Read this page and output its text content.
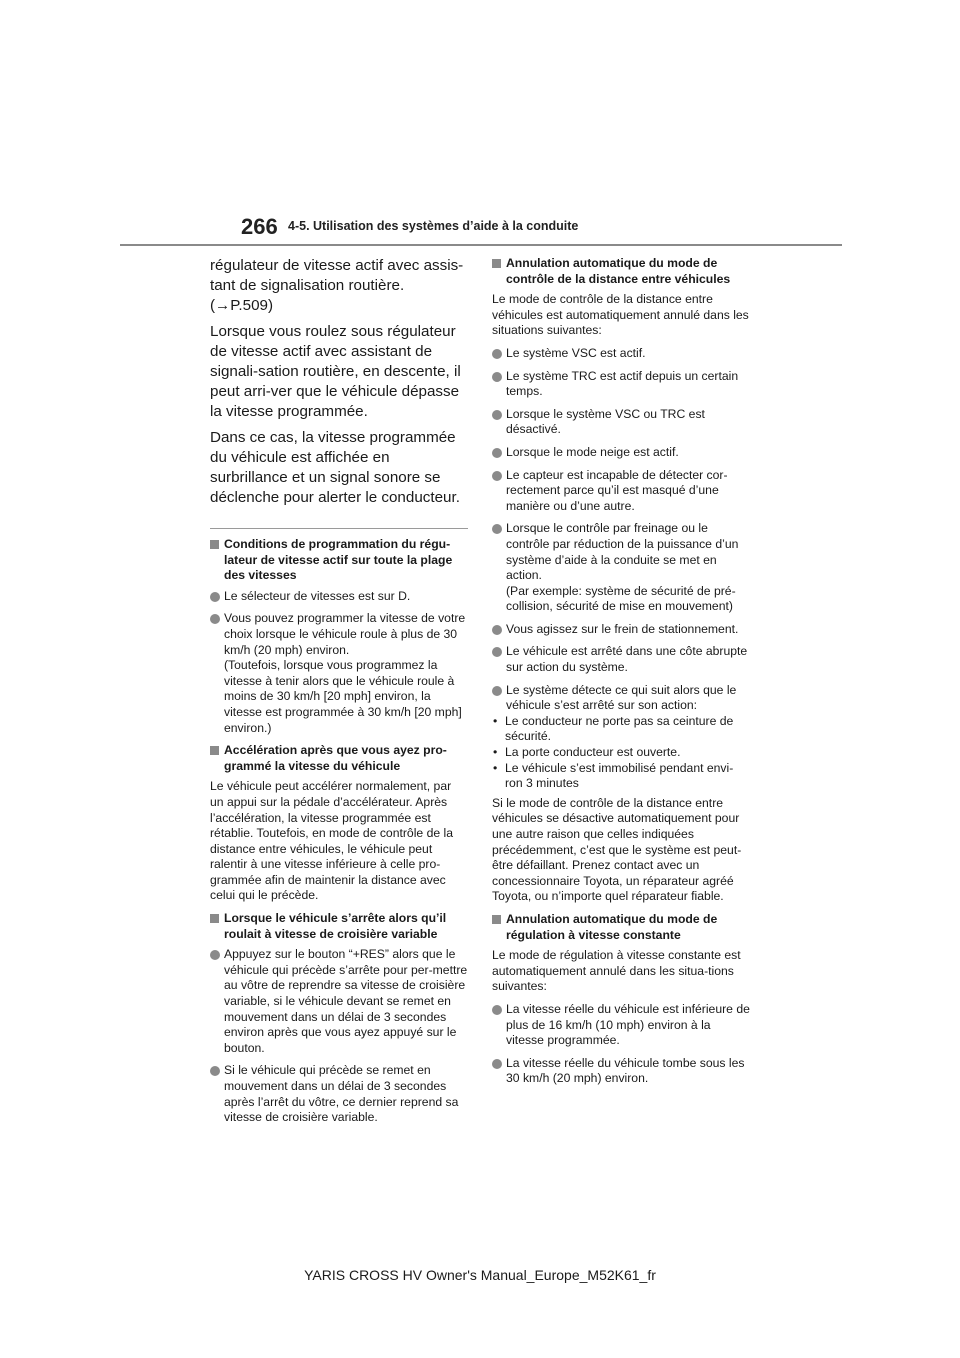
266 4-5. Utilisation des systèmes d’aide à la conduite

régulateur de vitesse actif avec assis-tant de signalisation routière. (→P.509)

Lorsque vous roulez sous régulateur de vitesse actif avec assistant de signali-sation routière, en descente, il peut arri-ver que le véhicule dépasse la vitesse programmée.

Dans ce cas, la vitesse programmée du véhicule est affichée en surbrillance et un signal sonore se déclenche pour alerter le conducteur.

Conditions de programmation du régu-lateur de vitesse actif sur toute la plage des vitesses
Le sélecteur de vitesses est sur D.
Vous pouvez programmer la vitesse de votre choix lorsque le véhicule roule à plus de 30 km/h (20 mph) environ.
(Toutefois, lorsque vous programmez la vitesse à tenir alors que le véhicule roule à moins de 30 km/h [20 mph] environ, la vitesse est programmée à 30 km/h [20 mph] environ.)
Accélération après que vous ayez pro-grammé la vitesse du véhicule
Le véhicule peut accélérer normalement, par un appui sur la pédale d’accélérateur. Après l’accélération, la vitesse programmée est rétablie. Toutefois, en mode de contrôle de la distance entre véhicules, le véhicule peut ralentir à une vitesse inférieure à celle pro-grammée afin de maintenir la distance avec celui qui le précède.
Lorsque le véhicule s’arrête alors qu’il roulait à vitesse de croisière variable
Appuyez sur le bouton “+RES” alors que le véhicule qui précède s’arrête pour per-mettre au vôtre de reprendre sa vitesse de croisière variable, si le véhicule devant se remet en mouvement dans un délai de 3 secondes environ après que vous ayez appuyé sur le bouton.
Si le véhicule qui précède se remet en mouvement dans un délai de 3 secondes après l’arrêt du vôtre, ce dernier reprend sa vitesse de croisière variable.
Annulation automatique du mode de contrôle de la distance entre véhicules
Le mode de contrôle de la distance entre véhicules est automatiquement annulé dans les situations suivantes:
Le système VSC est actif.
Le système TRC est actif depuis un certain temps.
Lorsque le système VSC ou TRC est désactivé.
Lorsque le mode neige est actif.
Le capteur est incapable de détecter cor-rectement parce qu’il est masqué d’une manière ou d’une autre.
Lorsque le contrôle par freinage ou le contrôle par réduction de la puissance d’un système d’aide à la conduite se met en action.
(Par exemple: système de sécurité de pré-collision, sécurité de mise en mouvement)
Vous agissez sur le frein de stationnement.
Le véhicule est arrêté dans une côte abrupte sur action du système.
Le système détecte ce qui suit alors que le véhicule s’est arrêté sur son action:
• Le conducteur ne porte pas sa ceinture de sécurité.
• La porte conducteur est ouverte.
• Le véhicule s’est immobilisé pendant envi-ron 3 minutes
Si le mode de contrôle de la distance entre véhicules se désactive automatiquement pour une autre raison que celles indiquées précédemment, c’est que le système est peut-être défaillant. Prenez contact avec un concessionnaire Toyota, un réparateur agréé Toyota, ou n’importe quel réparateur fiable.
Annulation automatique du mode de régulation à vitesse constante
Le mode de régulation à vitesse constante est automatiquement annulé dans les situa-tions suivantes:
La vitesse réelle du véhicule est inférieure de plus de 16 km/h (10 mph) environ à la vitesse programmée.
La vitesse réelle du véhicule tombe sous les 30 km/h (20 mph) environ.
YARIS CROSS HV Owner's Manual_Europe_M52K61_fr
